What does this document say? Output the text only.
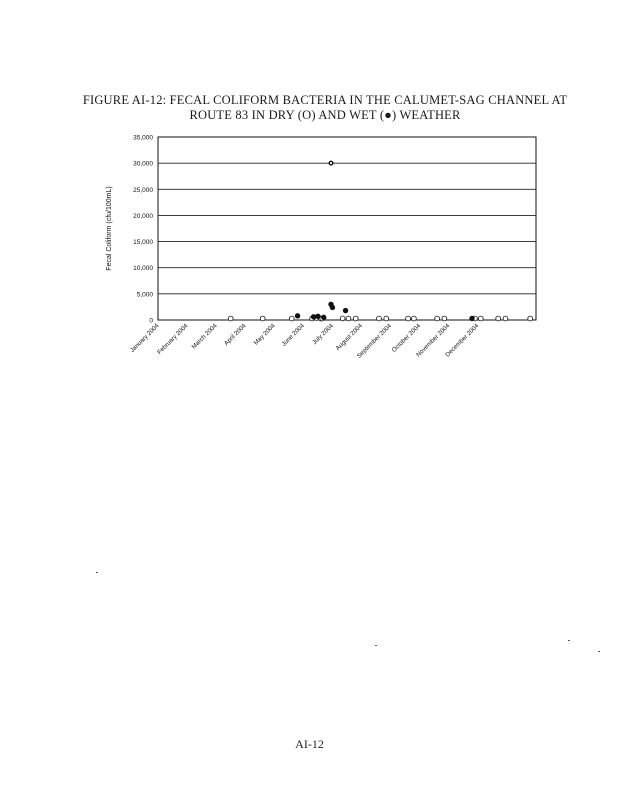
FIGURE AI-12: FECAL COLIFORM BACTERIA IN THE CALUMET-SAG CHANNEL AT
ROUTE 83 IN DRY (O) AND WET (●) WEATHER
0
5,000
10,000
15,000
20,000
25,000
30,000
35,000
Fecal Coliform (cfu/100mL)
January 2004
February 2004 March 2004 April 2004 May 2004 June 2004 July 2004 August 2004
September 2004
October 2004
November 2004
December 2004
AI-12
